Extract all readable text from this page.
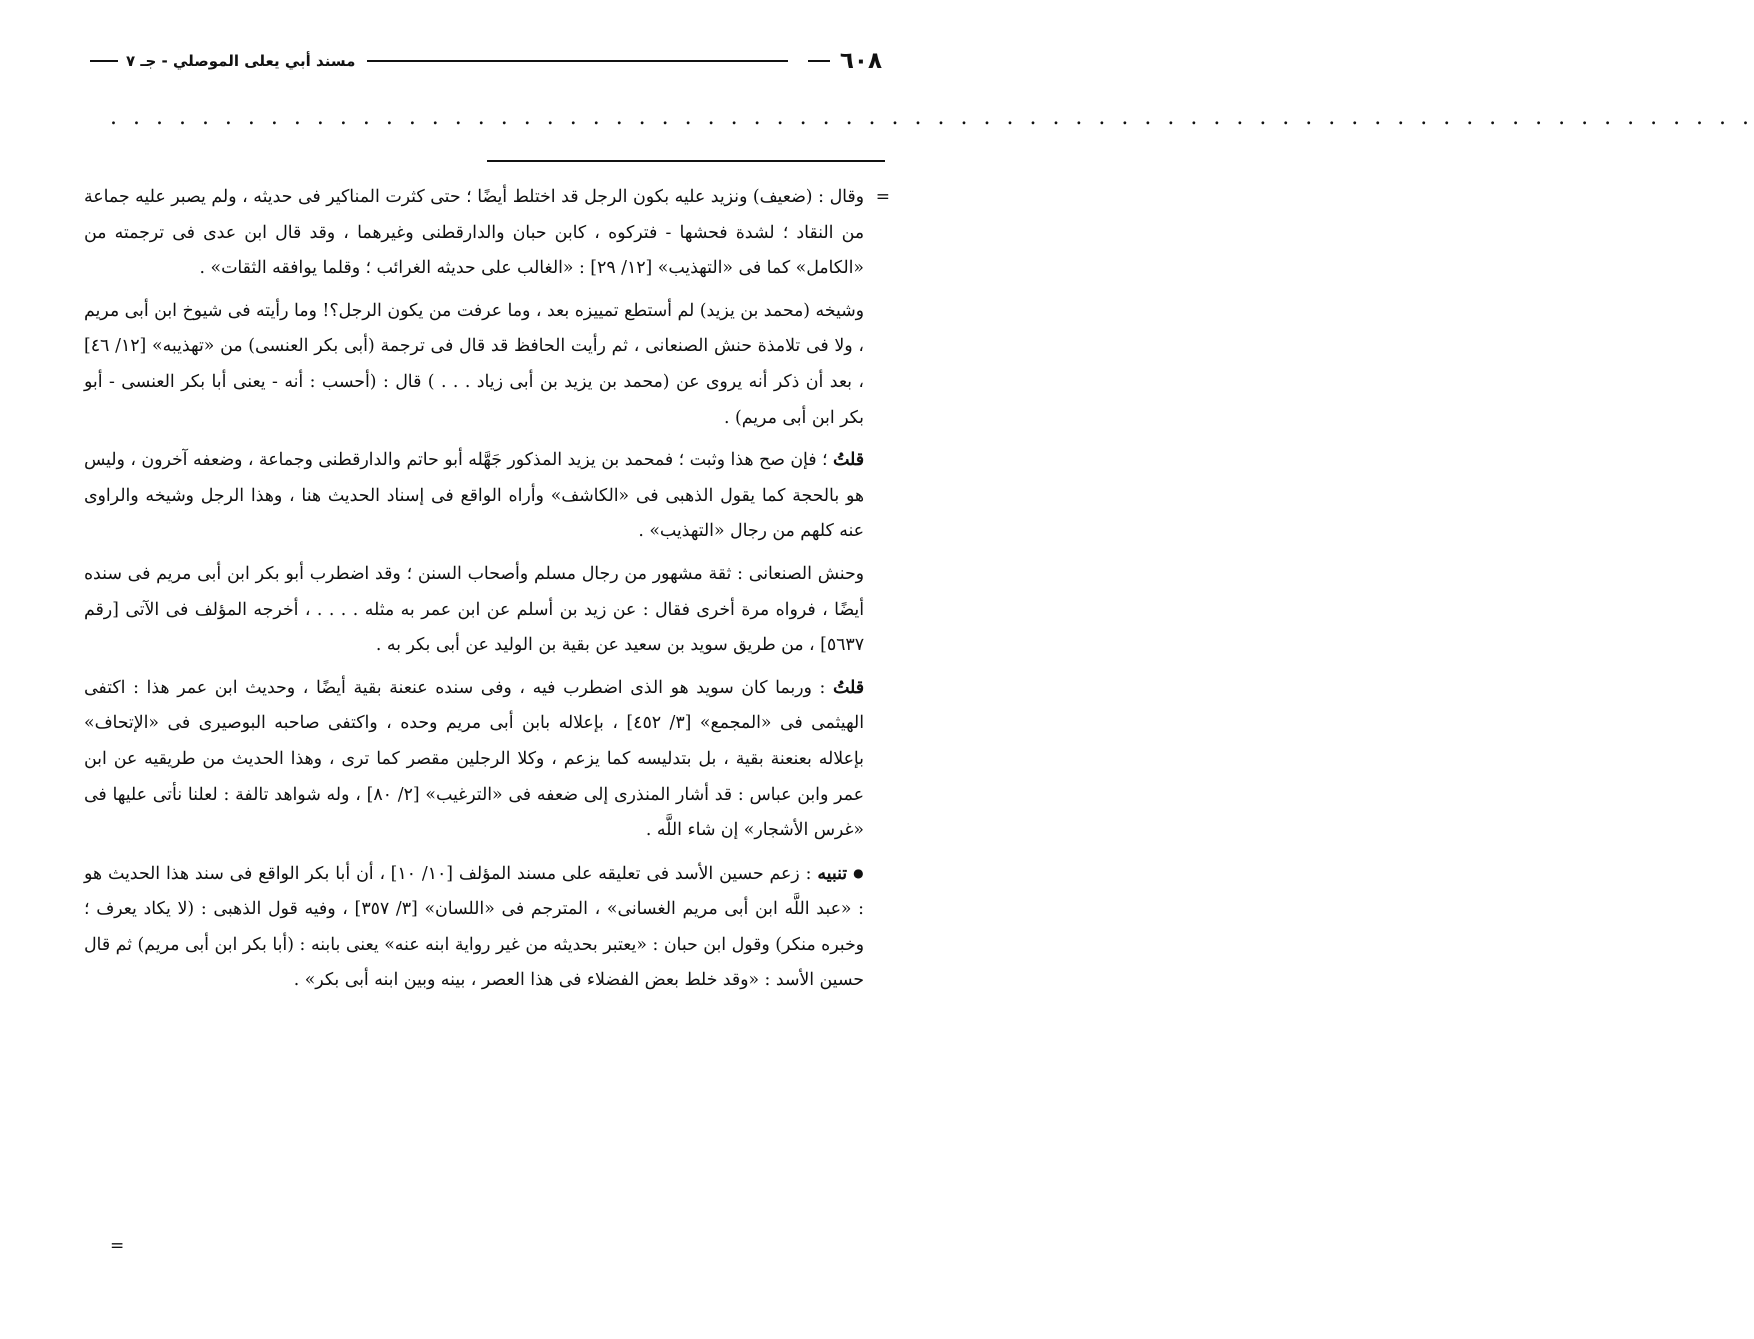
٦٠٨
مسند أبي يعلى الموصلي - جـ ٧
. . . . . . . . . . . . . . . . . . . . . . . . . . . . . . . . . . . . . . . . . . . . . . . . . . . . . . . . . . . . . . . . . . . . . . . .

=
وقال : (ضعيف) ونزيد عليه بكون الرجل قد اختلط أيضًا ؛ حتى كثرت المناكير فى حديثه ، ولم يصبر عليه جماعة من النقاد ؛ لشدة فحشها - فتركوه ، كابن حبان والدارقطنى وغيرهما ، وقد قال ابن عدى فى ترجمته من «الكامل» كما فى «التهذيب» [١٢/ ٢٩] : «الغالب على حديثه الغرائب ؛ وقلما يوافقه الثقات» .

وشيخه (محمد بن يزيد) لم أستطع تمييزه بعد ، وما عرفت من يكون الرجل؟! وما رأيته فى شيوخ ابن أبى مريم ، ولا فى تلامذة حنش الصنعانى ، ثم رأيت الحافظ قد قال فى ترجمة (أبى بكر العنسى) من «تهذيبه» [١٢/ ٤٦] ، بعد أن ذكر أنه يروى عن (محمد بن يزيد بن أبى زياد . . . ) قال : (أحسب : أنه - يعنى أبا بكر العنسى - أبو بكر ابن أبى مريم) .

قلتُ ؛ فإن صح هذا وثبت ؛ فمحمد بن يزيد المذكور جَهَّله أبو حاتم والدارقطنى وجماعة ، وضعفه آخرون ، وليس هو بالحجة كما يقول الذهبى فى «الكاشف» وأراه الواقع فى إسناد الحديث هنا ، وهذا الرجل وشيخه والراوى عنه كلهم من رجال «التهذيب» .

وحنش الصنعانى : ثقة مشهور من رجال مسلم وأصحاب السنن ؛ وقد اضطرب أبو بكر ابن أبى مريم فى سنده أيضًا ، فرواه مرة أخرى فقال : عن زيد بن أسلم عن ابن عمر به مثله . . . . ، أخرجه المؤلف فى الآتى [رقم ٥٦٣٧] ، من طريق سويد بن سعيد عن بقية بن الوليد عن أبى بكر به .

قلتُ : وربما كان سويد هو الذى اضطرب فيه ، وفى سنده عنعنة بقية أيضًا ، وحديث ابن عمر هذا : اكتفى الهيثمى فى «المجمع» [٣/ ٤٥٢] ، بإعلاله بابن أبى مريم وحده ، واكتفى صاحبه البوصيرى فى «الإتحاف» بإعلاله بعنعنة بقية ، بل بتدليسه كما يزعم ، وكلا الرجلين مقصر كما ترى ، وهذا الحديث من طريقيه عن ابن عمر وابن عباس : قد أشار المنذرى إلى ضعفه فى «الترغيب» [٢/ ٨٠] ، وله شواهد تالفة : لعلنا نأتى عليها فى «غرس الأشجار» إن شاء اللَّه .

● تنبيه : زعم حسين الأسد فى تعليقه على مسند المؤلف [١٠/ ١٠] ، أن أبا بكر الواقع فى سند هذا الحديث هو : «عبد اللَّه ابن أبى مريم الغسانى» ، المترجم فى «اللسان» [٣/ ٣٥٧] ، وفيه قول الذهبى : (لا يكاد يعرف ؛ وخبره منكر) وقول ابن حبان : «يعتبر بحديثه من غير رواية ابنه عنه» يعنى بابنه : (أبا بكر ابن أبى مريم) ثم قال حسين الأسد : «وقد خلط بعض الفضلاء فى هذا العصر ، بينه وبين ابنه أبى بكر» .

=
